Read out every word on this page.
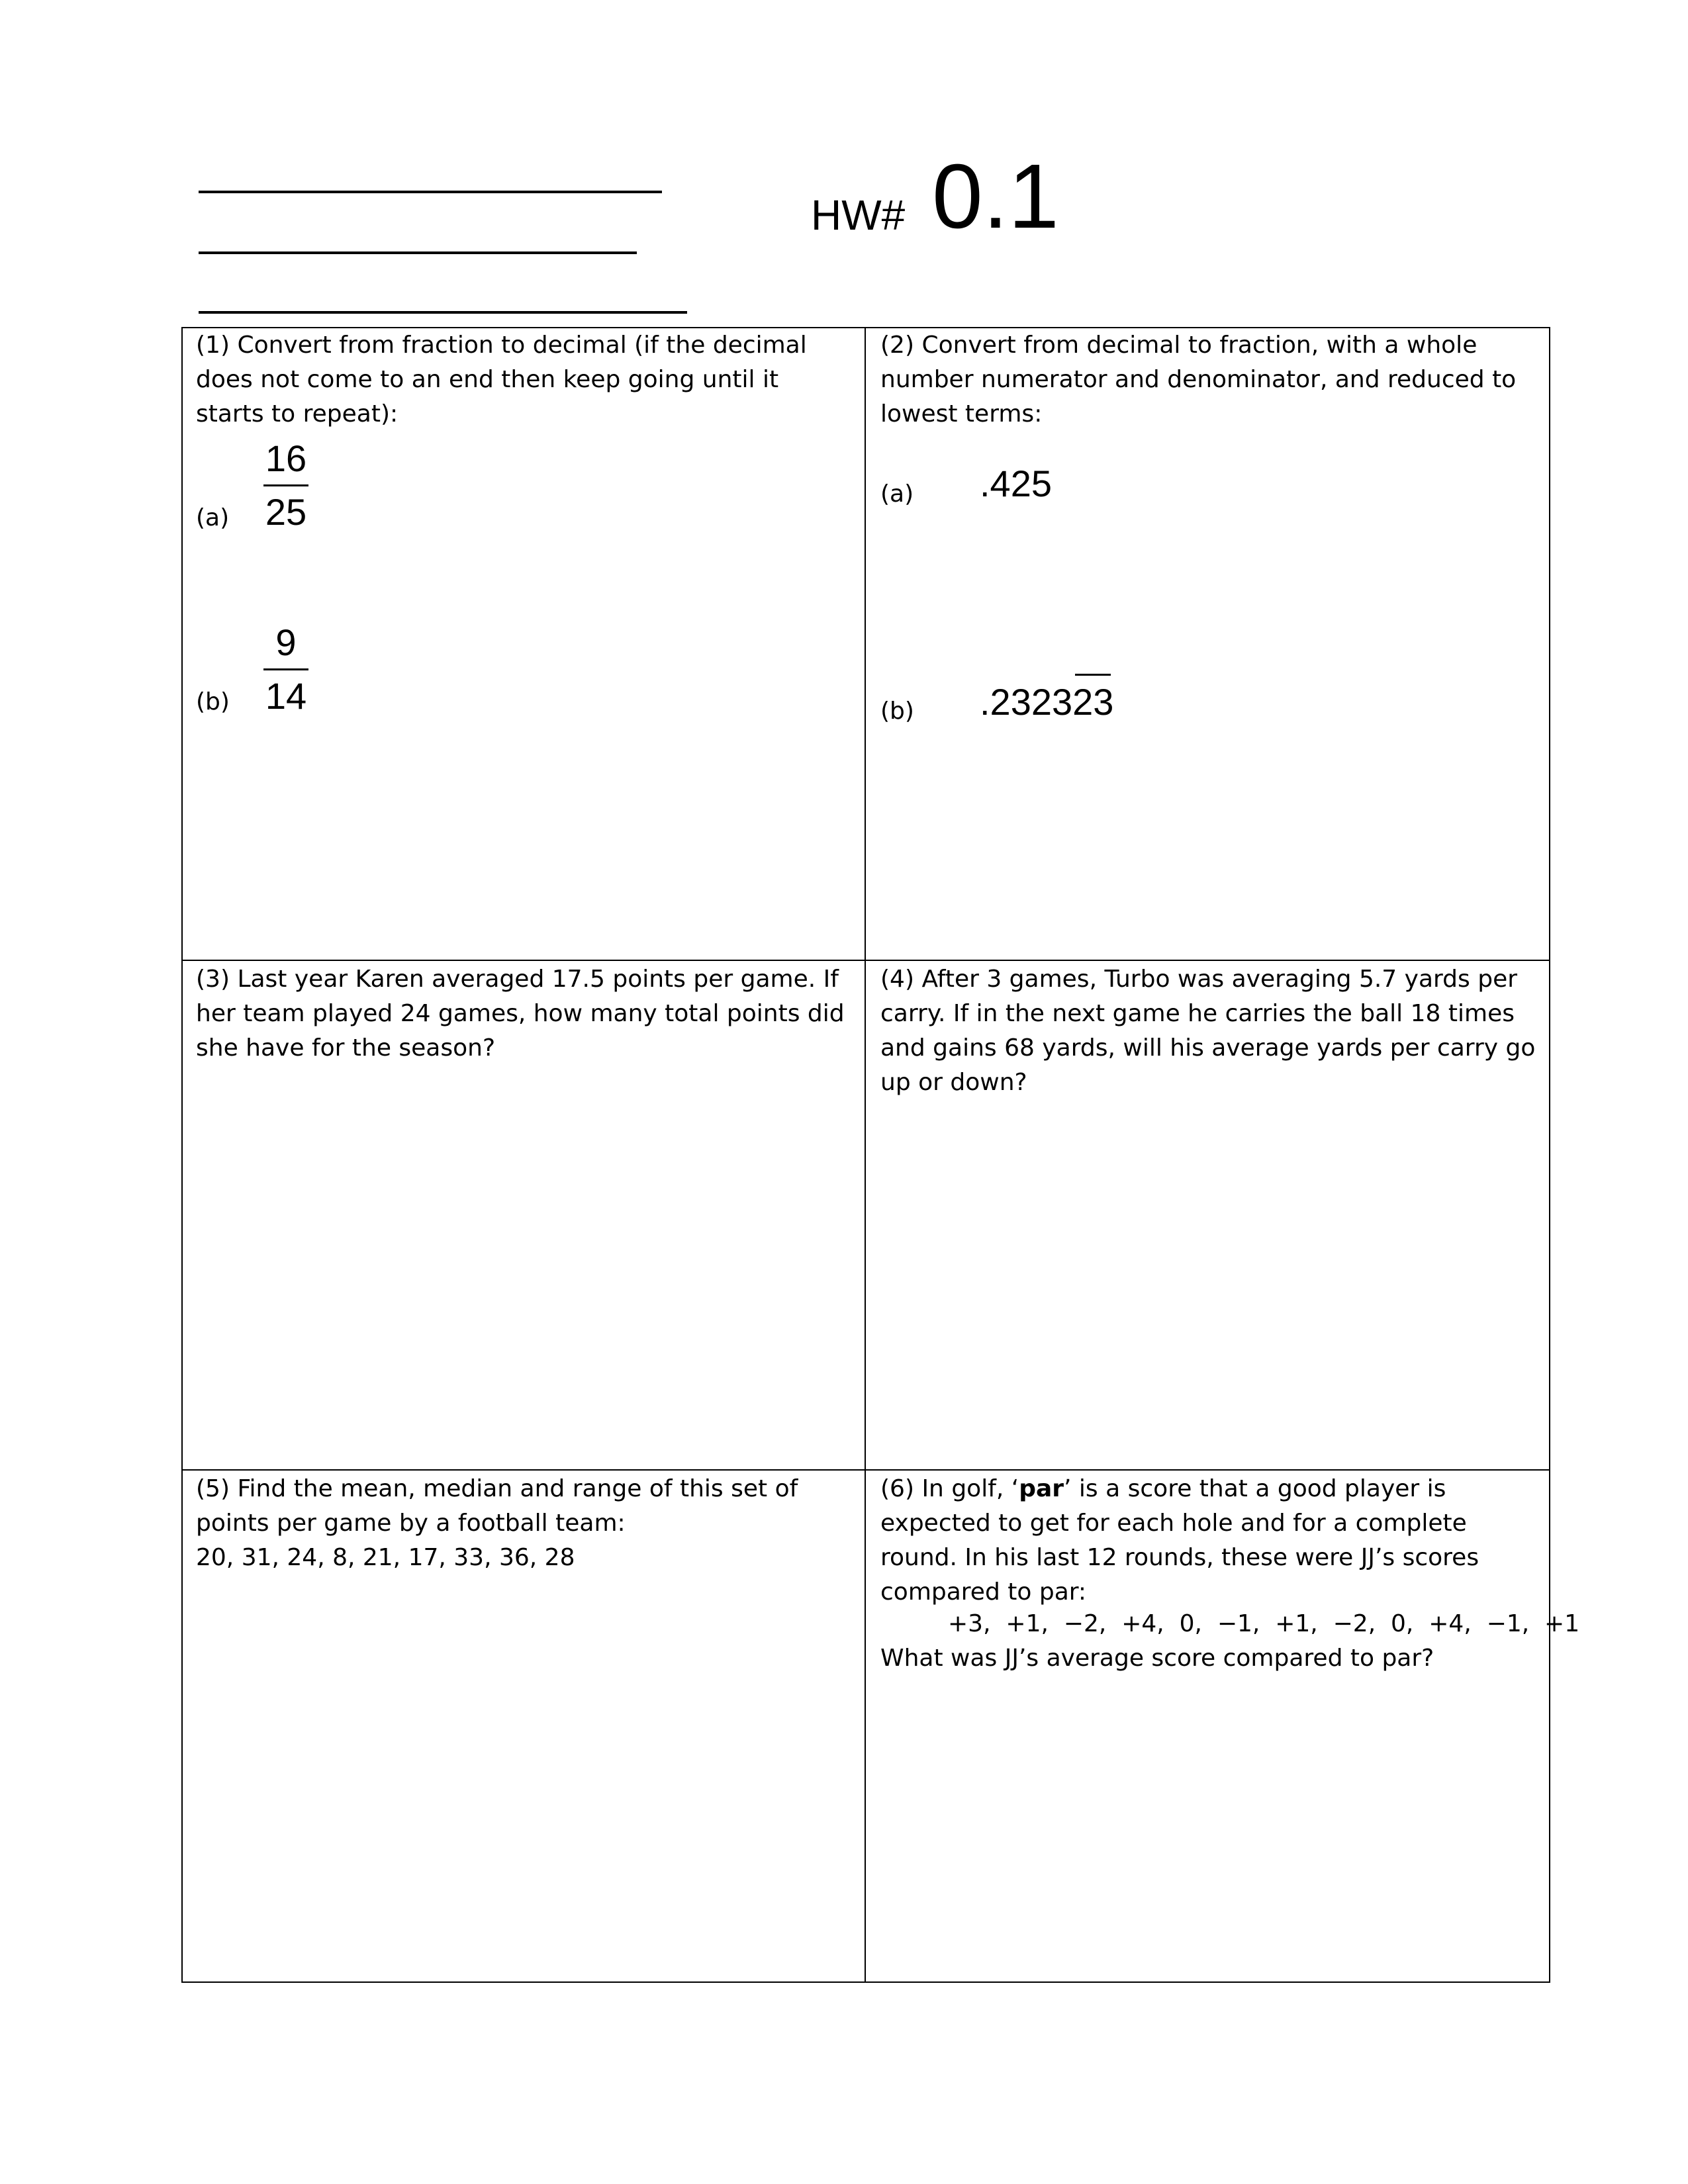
HW# 0.1
(1) Convert from fraction to decimal (if the decimal does not come to an end then keep going until it starts to repeat):
(a)
16
25
(b)
9
14
(2) Convert from decimal to fraction, with a whole number numerator and denominator, and reduced to lowest terms:
(a) .425
(b) .232323
(3) Last year Karen averaged 17.5 points per game. If her team played 24 games, how many total points did she have for the season?
(4) After 3 games, Turbo was averaging 5.7 yards per carry. If in the next game he carries the ball 18 times and gains 68 yards, will his average yards per carry go up or down?

(5) Find the mean, median and range of this set of

points per game by a football team:

20, 31, 24, 8, 21, 17, 33, 36, 28

(6) In golf, ‘par’ is a score that a good player is expected to get for each hole and for a complete round. In his last 12 rounds, these were JJ’s scores compared to par:

+3,  +1,  −2,  +4,  0,  −1,  +1,  −2,  0,  +4,  −1,  +1
What was JJ’s average score compared to par?
